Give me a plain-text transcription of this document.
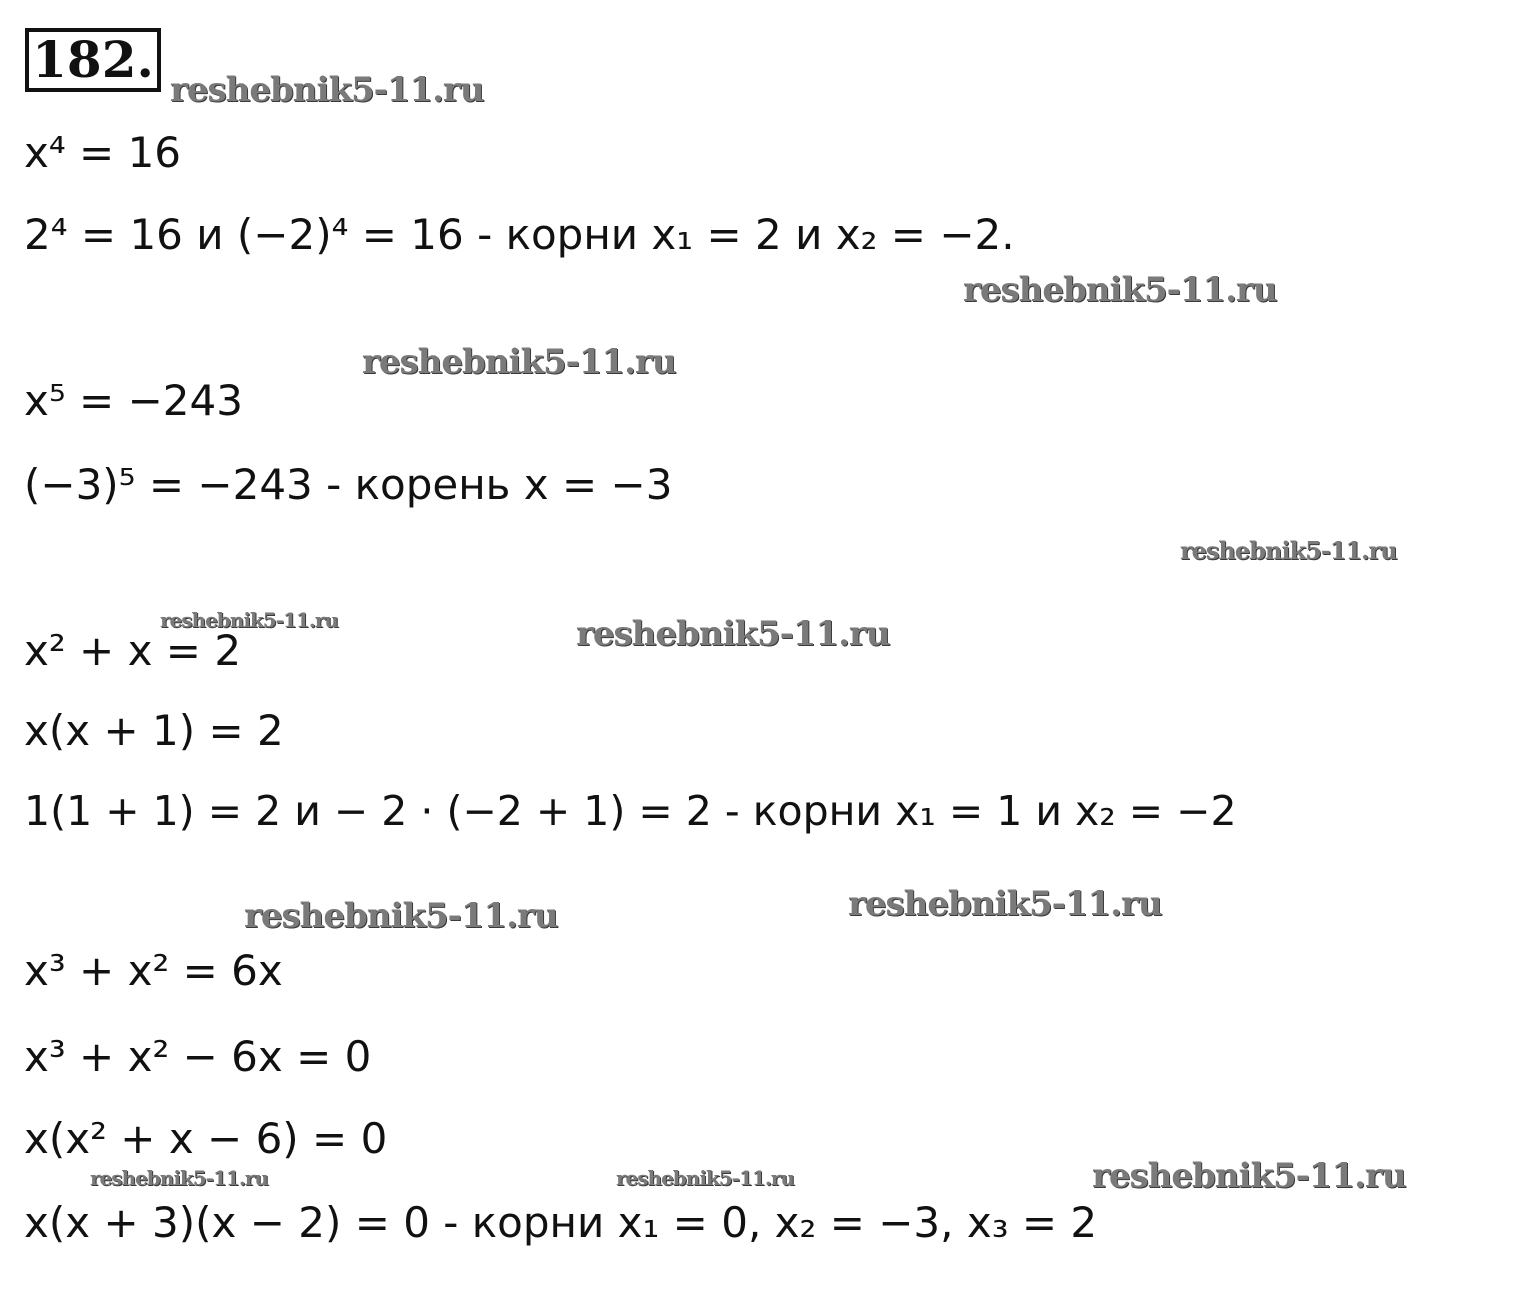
182.
x⁴ = 16
2⁴ = 16 и (−2)⁴ = 16 - корни x₁ = 2 и x₂ = −2.
x⁵ = −243
(−3)⁵ = −243 - корень x = −3
x² + x = 2
x(x + 1) = 2
1(1 + 1) = 2 и − 2 · (−2 + 1) = 2 - корни x₁ = 1 и x₂ = −2
x³ + x² = 6x
x³ + x² − 6x = 0
x(x² + x − 6) = 0
x(x + 3)(x − 2) = 0 - корни x₁ = 0, x₂ = −3, x₃ = 2
reshebnik5-11.ru
reshebnik5-11.ru
reshebnik5-11.ru
reshebnik5-11.ru
reshebnik5-11.ru	reshebnik5-11.ru
reshebnik5-11.ru	reshebnik5-11.ru
reshebnik5-11.ru	reshebnik5-11.ru	reshebnik5-11.ru
